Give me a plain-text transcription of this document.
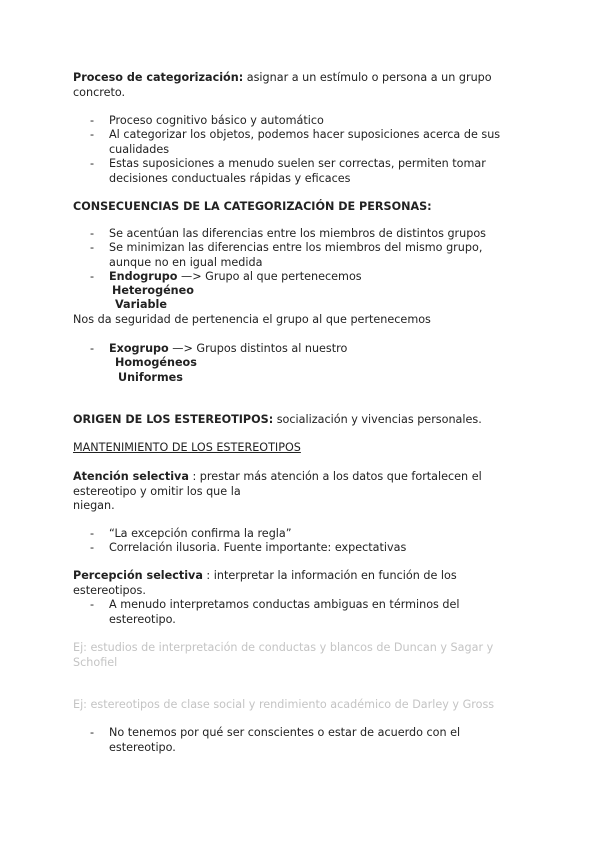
Proceso de categorización: asignar a un estímulo o persona a un grupo concreto.
-	Proceso cognitivo básico y automático
-	Al categorizar los objetos, podemos hacer suposiciones acerca de sus cualidades
-	Estas suposiciones a menudo suelen ser correctas, permiten tomar decisiones conductuales rápidas y eficaces
CONSECUENCIAS DE LA CATEGORIZACIÓN DE PERSONAS:
-	Se acentúan las diferencias entre los miembros de distintos grupos
-	Se minimizan las diferencias entre los miembros del mismo grupo, aunque no en igual medida
-	Endogrupo —> Grupo al que pertenecemos
Heterogéneo
Variable
Nos da seguridad de pertenencia el grupo al que pertenecemos
-	Exogrupo —> Grupos distintos al nuestro
Homogéneos
Uniformes
ORIGEN DE LOS ESTEREOTIPOS: socialización y vivencias personales.
MANTENIMIENTO DE LOS ESTEREOTIPOS
Atención selectiva : prestar más atención a los datos que fortalecen el
estereotipo y omitir los que la
niegan.
-	“La excepción confirma la regla”
-	Correlación ilusoria. Fuente importante: expectativas
Percepción selectiva : interpretar la información en función de los estereotipos.
-	A menudo interpretamos conductas ambiguas en términos del estereotipo.
Ej: estudios de interpretación de conductas y blancos de Duncan y Sagar y Schofiel
Ej: estereotipos de clase social y rendimiento académico de Darley y Gross
-	No tenemos por qué ser conscientes o estar de acuerdo con el estereotipo.
